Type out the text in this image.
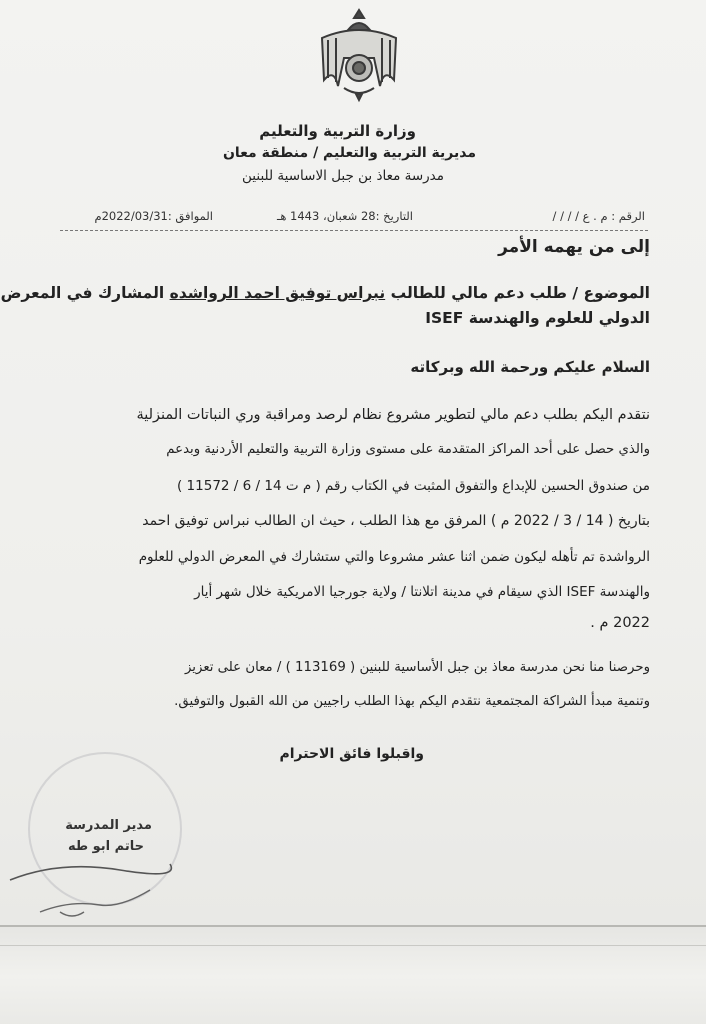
وزارة التربية والتعليم
مديرية التربية والتعليم / منطقة معان
مدرسة معاذ بن جبل الاساسية للبنين
الرقم : م . ع / / / /
التاريخ :28 شعبان، 1443 هـ
الموافق :2022/03/31م
إلى من يهمه الأمر
الموضوع / طلب دعم مالي للطالب نبراس توفيق احمد الرواشده المشارك في المعرض
الدولي للعلوم والهندسة ISEF
السلام عليكم ورحمة الله وبركاته
نتقدم اليكم بطلب دعم مالي لتطوير مشروع نظام لرصد ومراقبة وري النباتات المنزلية
والذي حصل على أحد المراكز المتقدمة على مستوى وزارة التربية والتعليم الأردنية وبدعم
من صندوق الحسين للإبداع والتفوق المثبت في الكتاب رقم ( م ت 14 / 6 / 11572 )
بتاريخ ( 14 / 3 / 2022 م ) المرفق مع هذا الطلب ، حيث ان الطالب نبراس توفيق احمد
الرواشدة تم تأهله ليكون ضمن اثنا عشر مشروعا والتي ستشارك في المعرض الدولي للعلوم
والهندسة ISEF الذي سيقام في مدينة اتلانتا / ولاية جورجيا الامريكية خلال شهر أيار
2022 م .
وحرصنا منا نحن مدرسة معاذ بن جبل الأساسية للبنين ( 113169 ) / معان على تعزيز
وتنمية مبدأ الشراكة المجتمعية نتقدم اليكم بهذا الطلب راجيين من الله القبول والتوفيق.
واقبلوا فائق الاحترام
مدير المدرسة
حاتم ابو طه
